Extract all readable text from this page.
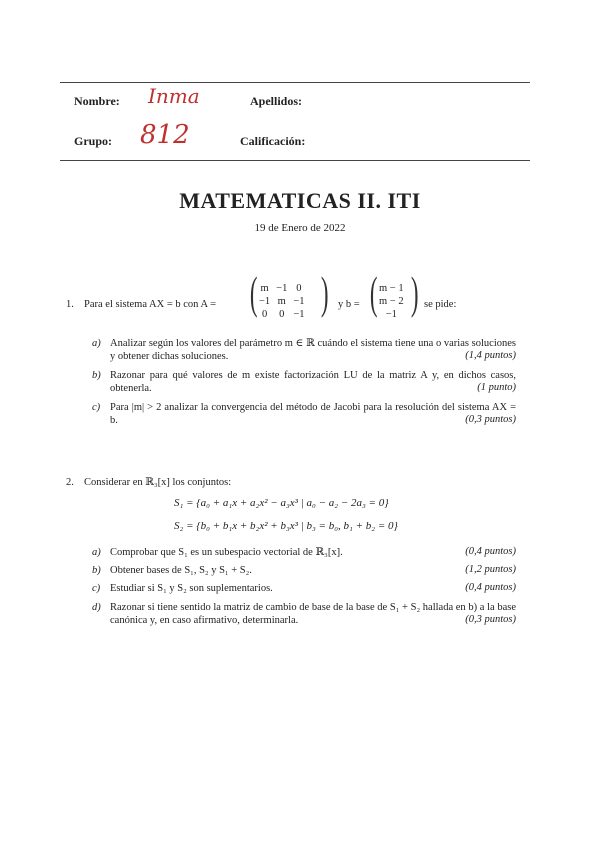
Nombre: Inma	Apellidos:
Grupo: 812	Calificación:
MATEMATICAS II. ITI
19 de Enero de 2022
1. Para el sistema AX = b con A = ( m	−1	0
−1	m	−1
0	0	−1 ) y b = ( m − 1
m − 2
−1 ) se pide:
a) Analizar según los valores del parámetro m ∈ ℝ cuándo el sistema tiene una o varias soluciones y obtener dichas soluciones.	(1,4 puntos)
b) Razonar para qué valores de m existe factorización LU de la matriz A y, en dichos casos, obtenerla.	(1 punto)
c) Para |m| > 2 analizar la convergencia del método de Jacobi para la resolución del sistema AX = b.	(0,3 puntos)
2. Considerar en ℝ₃[x] los conjuntos:
S₁ = {a₀ + a₁x + a₂x² − a₃x³ | a₀ − a₂ − 2a₃ = 0}
S₂ = {b₀ + b₁x + b₂x² + b₃x³ | b₃ = b₀, b₁ + b₂ = 0}
a) Comprobar que S₁ es un subespacio vectorial de ℝ₃[x].	(0,4 puntos)
b) Obtener bases de S₁, S₂ y S₁ + S₂.	(1,2 puntos)
c) Estudiar si S₁ y S₂ son suplementarios.	(0,4 puntos)
d) Razonar si tiene sentido la matriz de cambio de base de la base de S₁ + S₂ hallada en b) a la base canónica y, en caso afirmativo, determinarla.	(0,3 puntos)
